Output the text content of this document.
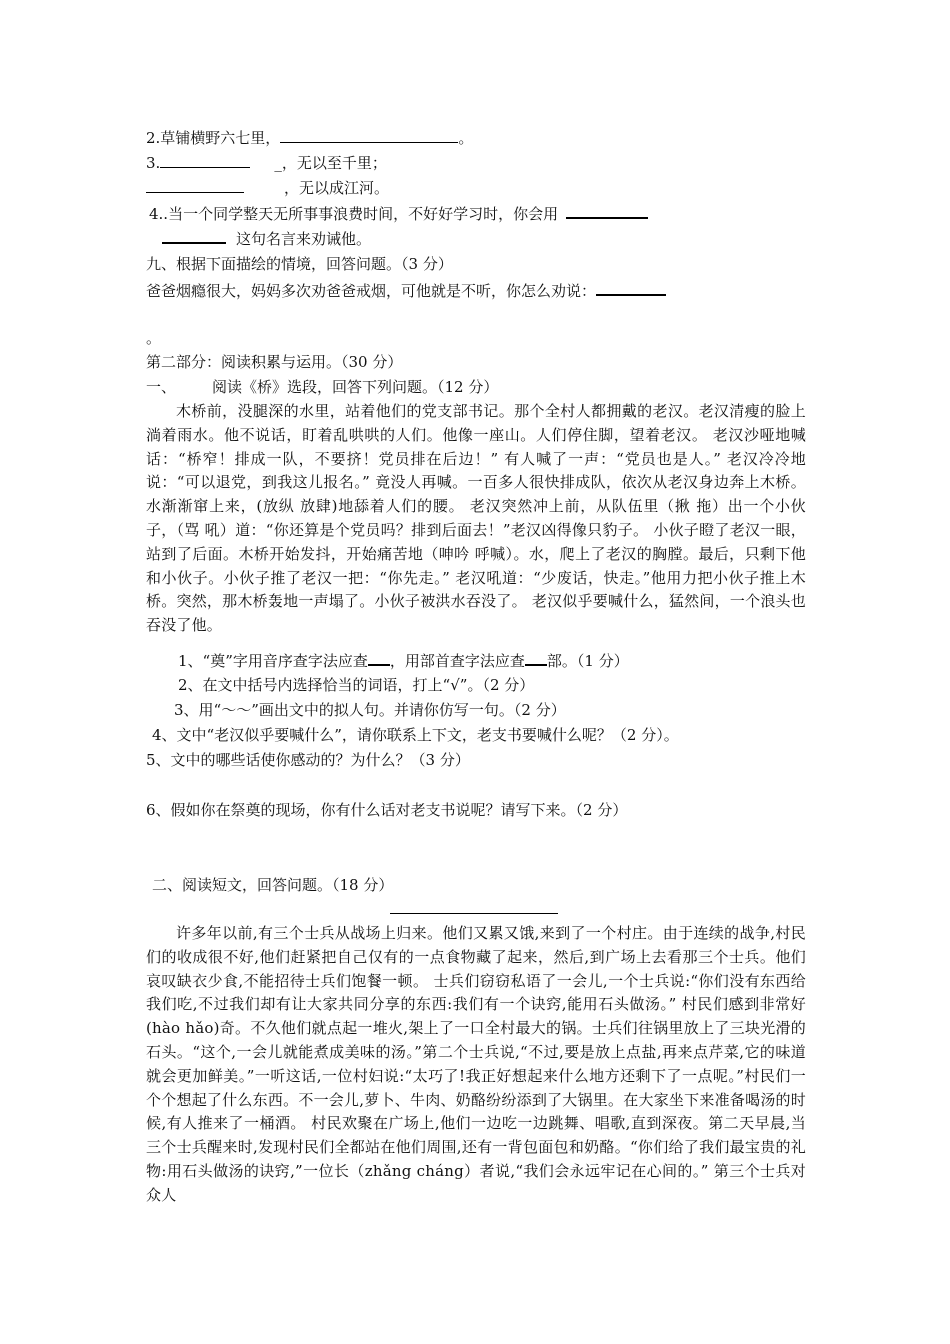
2.草铺横野六七里，	。
3.	_，无以至千里；
，无以成江河。
4..当一个同学整天无所事事浪费时间，不好好学习时，你会用
这句名言来劝诫他。
九、根据下面描绘的情境，回答问题。（3 分）
爸爸烟瘾很大，妈妈多次劝爸爸戒烟，可他就是不听，你怎么劝说：
。
第二部分：阅读积累与运用。（30 分）
一、 阅读《桥》选段，回答下列问题。（12 分）
木桥前，没腿深的水里，站着他们的党支部书记。那个全村人都拥戴的老汉。老汉清瘦的脸上淌着雨水。他不说话，盯着乱哄哄的人们。他像一座山。人们停住脚，望着老汉。 老汉沙哑地喊话：“桥窄！排成一队，不要挤！党员排在后边！” 有人喊了一声：“党员也是人。” 老汉冷冷地说：“可以退党，到我这儿报名。” 竟没人再喊。一百多人很快排成队，依次从老汉身边奔上木桥。水渐渐窜上来，(放纵 放肆)地舔着人们的腰。 老汉突然冲上前，从队伍里（揪 拖）出一个小伙子，（骂 吼）道：“你还算是个党员吗？排到后面去！”老汉凶得像只豹子。 小伙子瞪了老汉一眼，站到了后面。木桥开始发抖，开始痛苦地（呻吟 呼喊）。水，爬上了老汉的胸膛。最后，只剩下他和小伙子。小伙子推了老汉一把：“你先走。” 老汉吼道：“少废话，快走。”他用力把小伙子推上木桥。突然，那木桥轰地一声塌了。小伙子被洪水吞没了。 老汉似乎要喊什么，猛然间，一个浪头也吞没了他。
1、“奠”字用音序查字法应查 ，用部首查字法应查 部。（1 分）
2、在文中括号内选择恰当的词语，打上“√”。（2 分）
3、用“～～”画出文中的拟人句。并请你仿写一句。（2 分）
4、文中“老汉似乎要喊什么”，请你联系上下文，老支书要喊什么呢？（2 分）。
5、文中的哪些话使你感动的？为什么？（3 分）
6、假如你在祭奠的现场，你有什么话对老支书说呢？请写下来。（2 分）
二、阅读短文，回答问题。（18 分）
许多年以前,有三个士兵从战场上归来。他们又累又饿,来到了一个村庄。由于连续的战争,村民们的收成很不好,他们赶紧把自己仅有的一点食物藏了起来，然后,到广场上去看那三个士兵。他们哀叹缺衣少食,不能招待士兵们饱餐一顿。 士兵们窃窃私语了一会儿,一个士兵说:“你们没有东西给我们吃,不过我们却有让大家共同分享的东西:我们有一个诀窍,能用石头做汤。” 村民们感到非常好(hào hǎo)奇。不久他们就点起一堆火,架上了一口全村最大的锅。士兵们往锅里放上了三块光滑的石头。“这个,一会儿就能煮成美味的汤。”第二个士兵说,“不过,要是放上点盐,再来点芹菜,它的味道就会更加鲜美。”一听这话,一位村妇说:“太巧了!我正好想起来什么地方还剩下了一点呢。”村民们一个个想起了什么东西。不一会儿,萝卜、牛肉、奶酪纷纷添到了大锅里。在大家坐下来准备喝汤的时候,有人推来了一桶酒。 村民欢聚在广场上,他们一边吃一边跳舞、唱歌,直到深夜。第二天早晨,当三个士兵醒来时,发现村民们全都站在他们周围,还有一背包面包和奶酪。“你们给了我们最宝贵的礼物:用石头做汤的诀窍,”一位长（zhǎng cháng）者说,“我们会永远牢记在心间的。” 第三个士兵对众人
